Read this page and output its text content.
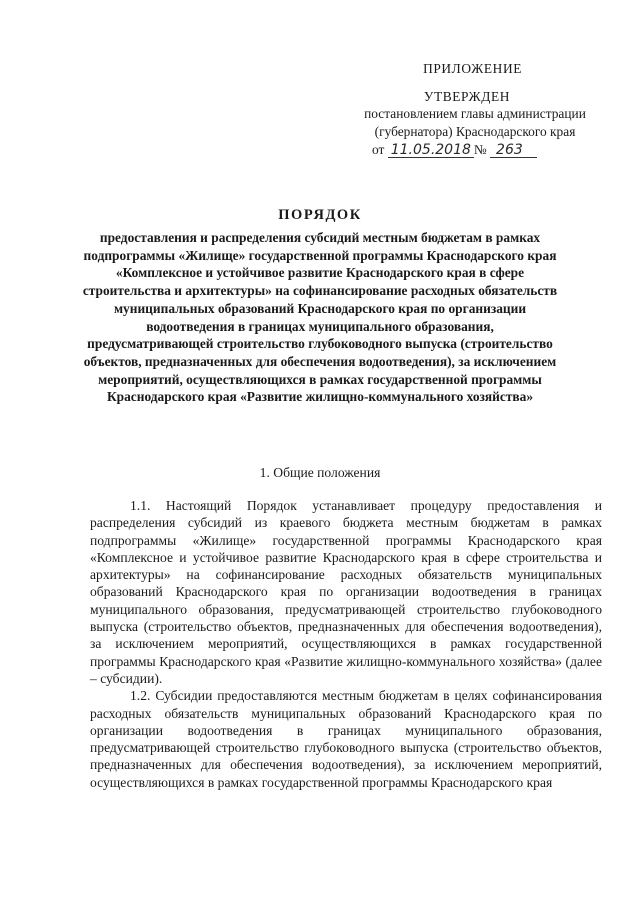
ПРИЛОЖЕНИЕ
УТВЕРЖДЕН
постановлением главы администрации
(губернатора) Краснодарского края
от 11.05.2018 № 263
ПОРЯДОК
предоставления и распределения субсидий местным бюджетам в рамках подпрограммы «Жилище» государственной программы Краснодарского края «Комплексное и устойчивое развитие Краснодарского края в сфере строительства и архитектуры» на софинансирование расходных обязательств муниципальных образований Краснодарского края по организации водоотведения в границах муниципального образования, предусматривающей строительство глубоководного выпуска (строительство объектов, предназначенных для обеспечения водоотведения), за исключением мероприятий, осуществляющихся в рамках государственной программы Краснодарского края «Развитие жилищно-коммунального хозяйства»
1. Общие положения

1.1. Настоящий Порядок устанавливает процедуру предоставления и распределения субсидий из краевого бюджета местным бюджетам в рамках подпрограммы «Жилище» государственной программы Краснодарского края «Комплексное и устойчивое развитие Краснодарского края в сфере строительства и архитектуры» на софинансирование расходных обязательств муниципальных образований Краснодарского края по организации водоотведения в границах муниципального образования, предусматривающей строительство глубоководного выпуска (строительство объектов, предназначенных для обеспечения водоотведения), за исключением мероприятий, осуществляющихся в рамках государственной программы Краснодарского края «Развитие жилищно-коммунального хозяйства» (далее – субсидии).

1.2. Субсидии предоставляются местным бюджетам в целях софинансирования расходных обязательств муниципальных образований Краснодарского края по организации водоотведения в границах муниципального образования, предусматривающей строительство глубоководного выпуска (строительство объектов, предназначенных для обеспечения водоотведения), за исключением мероприятий, осуществляющихся в рамках государственной программы Краснодарского края
